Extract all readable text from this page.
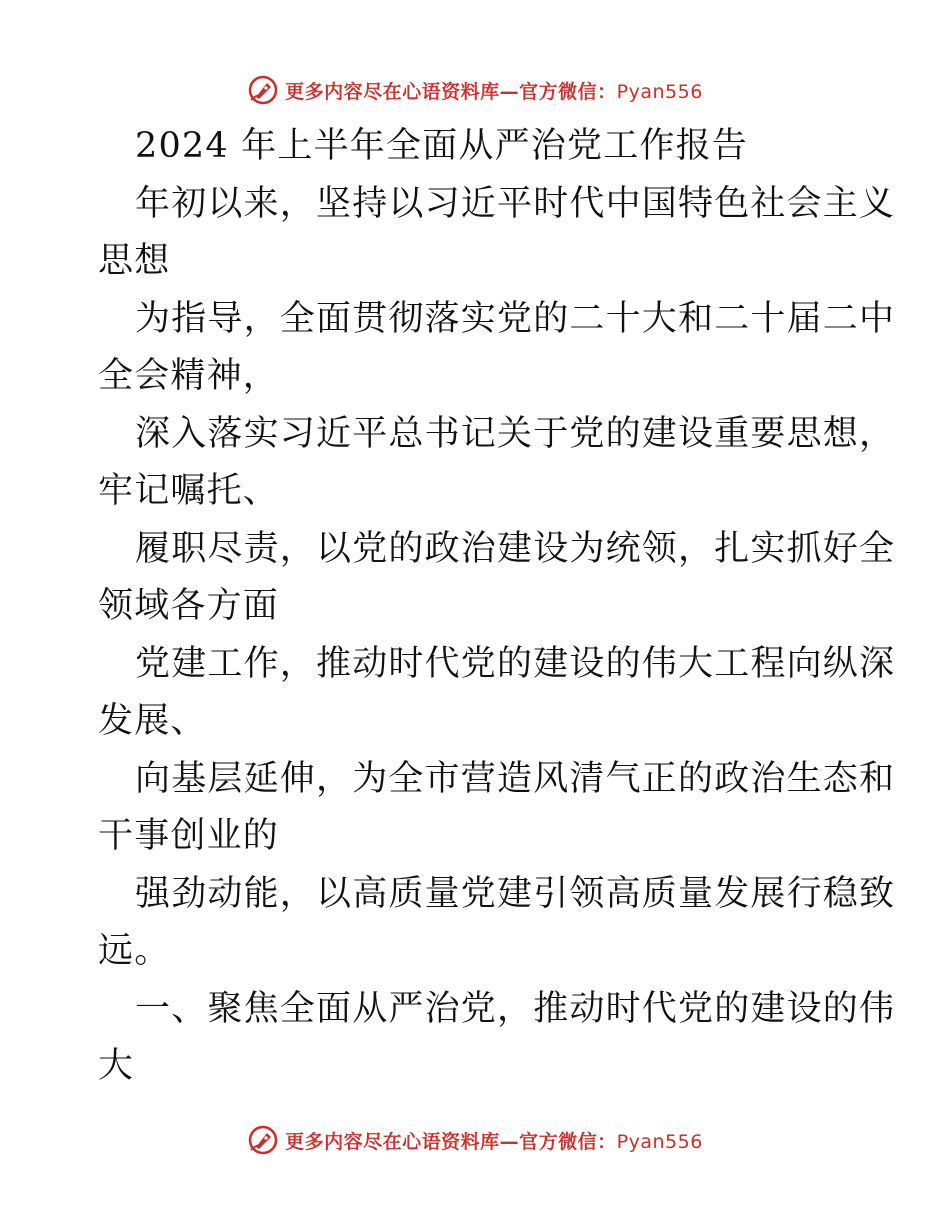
更多内容尽在心语资料库—官方微信：Pyan556
2024 年上半年全面从严治党工作报告
年初以来，坚持以习近平时代中国特色社会主义
思想
为指导，全面贯彻落实党的二十大和二十届二中
全会精神，
深入落实习近平总书记关于党的建设重要思想，
牢记嘱托、
履职尽责，以党的政治建设为统领，扎实抓好全
领域各方面
党建工作，推动时代党的建设的伟大工程向纵深
发展、
向基层延伸，为全市营造风清气正的政治生态和
干事创业的
强劲动能，以高质量党建引领高质量发展行稳致
远。
一、聚焦全面从严治党，推动时代党的建设的伟
大
更多内容尽在心语资料库—官方微信：Pyan556
